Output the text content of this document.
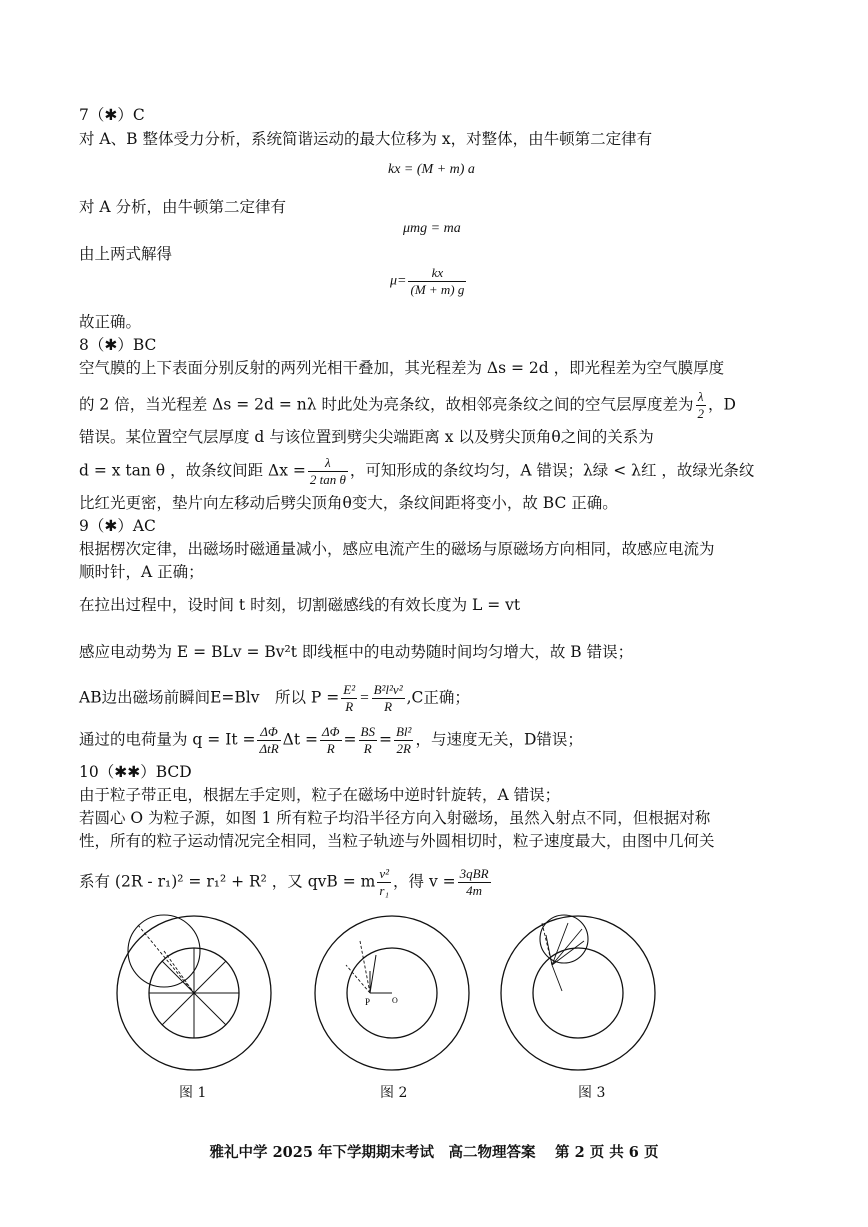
7（✱）C
对 A、B 整体受力分析，系统简谐运动的最大位移为 x，对整体，由牛顿第二定律有
kx = (M + m) a
对 A 分析，由牛顿第二定律有
μmg = ma
由上两式解得
$\mu= \frac{kx}{(M + m) g}$
故正确。
8（✱）BC
空气膜的上下表面分别反射的两列光相干叠加，其光程差为 Δs = 2d ，即光程差为空气膜厚度
的 2 倍，当光程差 Δs = 2d = nλ 时此处为亮条纹，故相邻亮条纹之间的空气层厚度差为 $\frac{\lambda}{2}$ ，D
错误。某位置空气层厚度 d 与该位置到劈尖尖端距离 x 以及劈尖顶角θ之间的关系为
d = x tan θ ，故条纹间距 $\Delta x = \frac{\lambda}{\text{2 tan θ}}$ ，可知形成的条纹均匀，A 错误；λ绿 < λ红 ，故绿光条纹
比红光更密，垫片向左移动后劈尖顶角θ变大，条纹间距将变小，故 BC 正确。
9（✱）AC
根据楞次定律，出磁场时磁通量减小，感应电流产生的磁场与原磁场方向相同，故感应电流为
顺时针，A 正确；
在拉出过程中，设时间 t 时刻，切割磁感线的有效长度为 L = vt
感应电动势为 E = BLv = Bv²t 即线框中的电动势随时间均匀增大，故 B 错误；
AB边出磁场前瞬间E=Blv　所以 $P = \frac{\text{E²}}{R} = \frac{\text{B²l²v²}}{R} ,C$正确；
通过的电荷量为 $q = It = \frac{\Delta\Phi}{\text{ΔtR}}$ $\Delta t = \frac{\Delta\Phi}{R} = \frac{BS}{R} = \frac{\text{Bl²}}{2R}$ ，与速度无关，D错误；
10（✱✱）BCD
由于粒子带正电，根据左手定则，粒子在磁场中逆时针旋转，A 错误；
若圆心 O 为粒子源，如图 1 所有粒子均沿半径方向入射磁场，虽然入射点不同，但根据对称
性，所有的粒子运动情况完全相同，当粒子轨迹与外圆相切时，粒子速度最大，由图中几何关
系有 (2R - r₁)² = r₁² + R² ，又 qvB = m $\frac{\text{v²}}{\text{r₁}}$ ，得 $v = \frac{\text{3qBR}}{4m}$
图 1
P	O
图 2	图 3
雅礼中学 2025 年下学期期末考试　高二物理答案　 第 2 页 共 6 页
